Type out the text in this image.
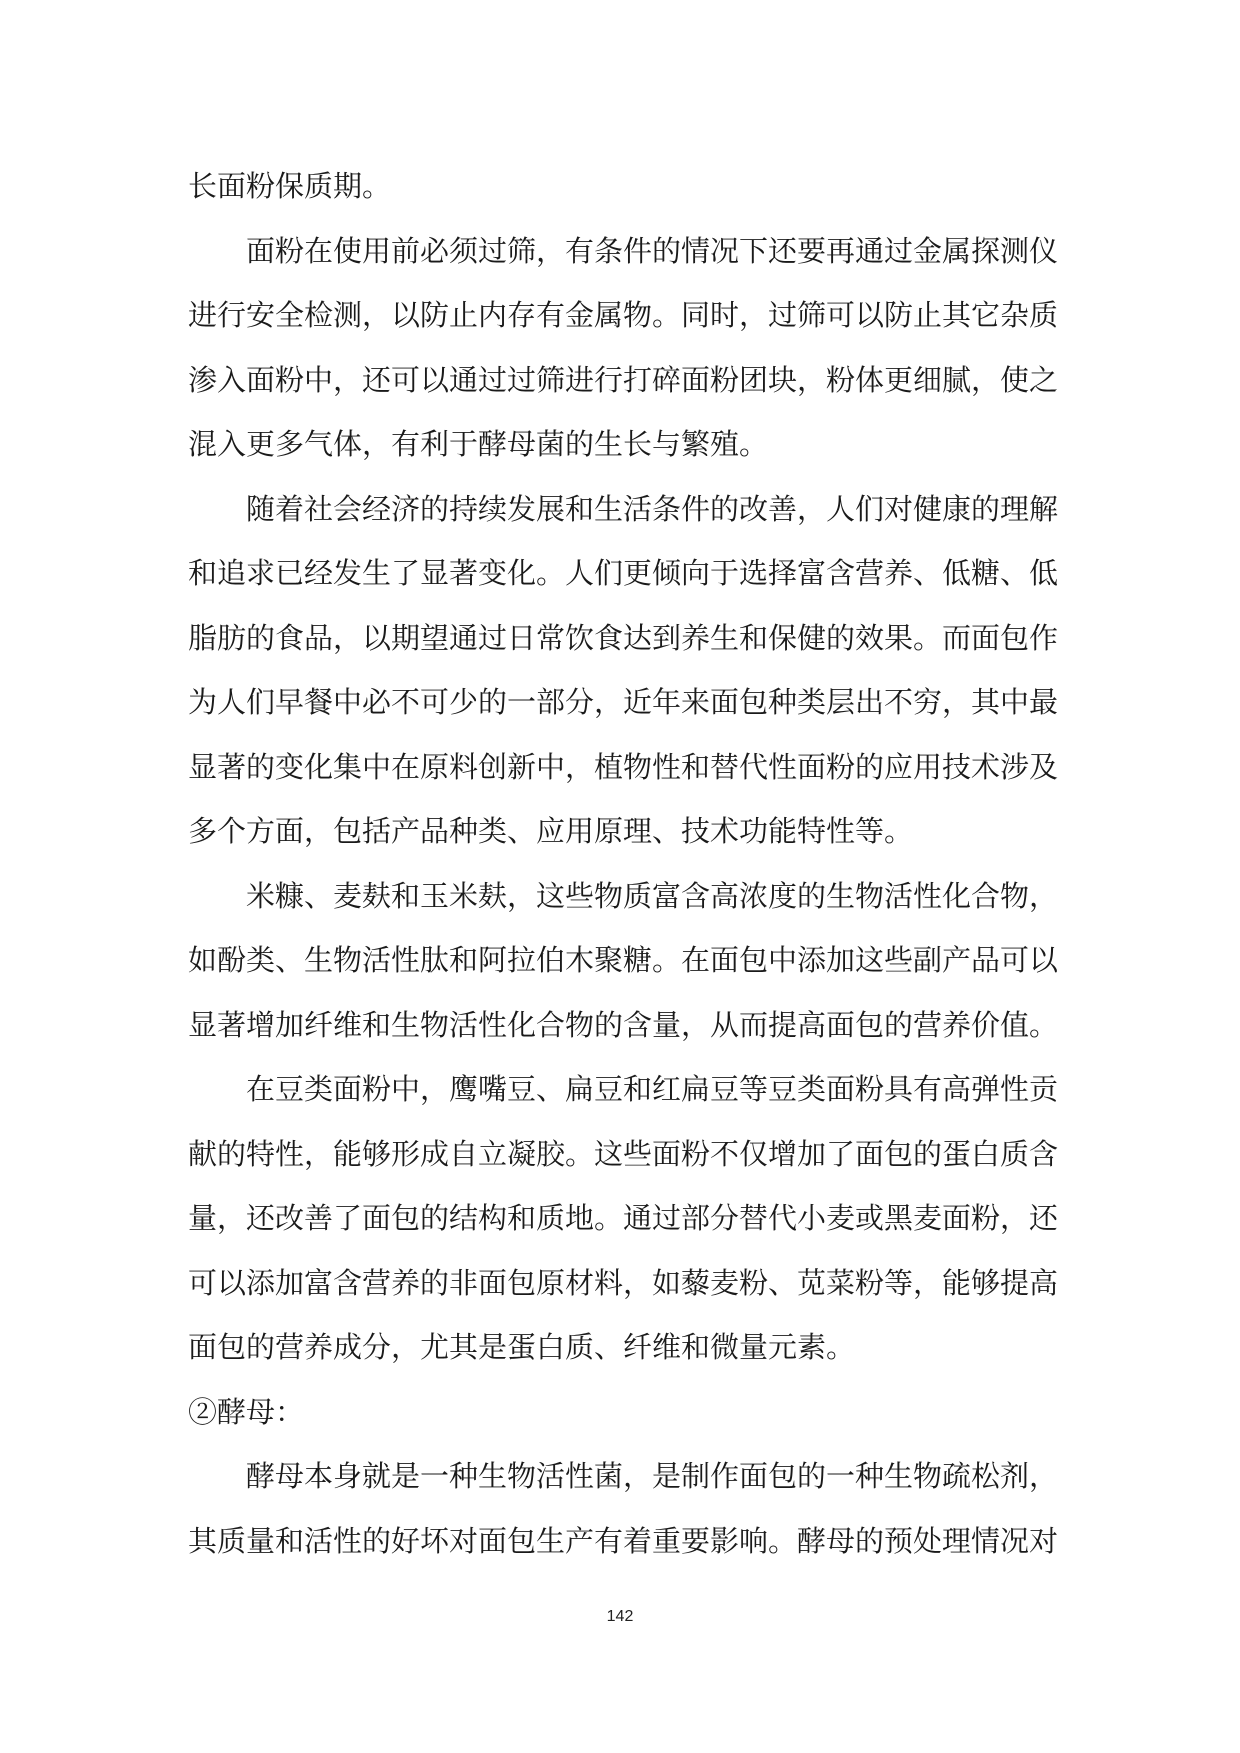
长面粉保质期。

面粉在使用前必须过筛，有条件的情况下还要再通过金属探测仪进行安全检测，以防止内存有金属物。同时，过筛可以防止其它杂质渗入面粉中，还可以通过过筛进行打碎面粉团块，粉体更细腻，使之混入更多气体，有利于酵母菌的生长与繁殖。

随着社会经济的持续发展和生活条件的改善，人们对健康的理解和追求已经发生了显著变化。人们更倾向于选择富含营养、低糖、低脂肪的食品，以期望通过日常饮食达到养生和保健的效果。而面包作为人们早餐中必不可少的一部分，近年来面包种类层出不穷，其中最显著的变化集中在原料创新中，植物性和替代性面粉的应用技术涉及多个方面，包括产品种类、应用原理、技术功能特性等。

米糠、麦麸和玉米麸，这些物质富含高浓度的生物活性化合物，如酚类、生物活性肽和阿拉伯木聚糖。在面包中添加这些副产品可以显著增加纤维和生物活性化合物的含量，从而提高面包的营养价值。

在豆类面粉中，鹰嘴豆、扁豆和红扁豆等豆类面粉具有高弹性贡献的特性，能够形成自立凝胶。这些面粉不仅增加了面包的蛋白质含量，还改善了面包的结构和质地。通过部分替代小麦或黑麦面粉，还可以添加富含营养的非面包原材料，如藜麦粉、苋菜粉等，能够提高面包的营养成分，尤其是蛋白质、纤维和微量元素。

②酵母：

酵母本身就是一种生物活性菌，是制作面包的一种生物疏松剂，其质量和活性的好坏对面包生产有着重要影响。酵母的预处理情况对

142
